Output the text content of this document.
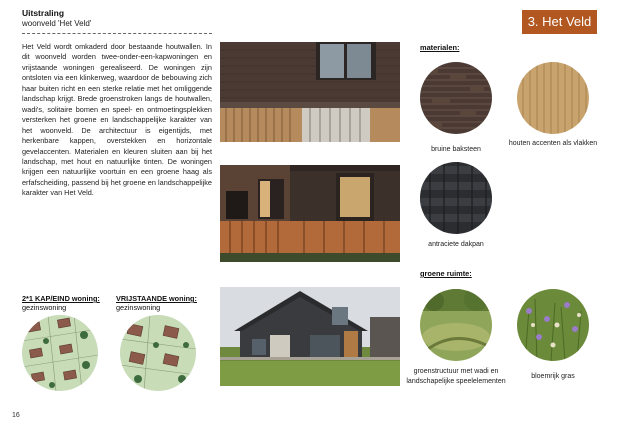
Uitstraling
woonveld 'Het Veld'
Het Veld wordt omkaderd door bestaande houtwallen. In dit woonveld worden twee-onder-een-kapwoningen en vrijstaande woningen gerealiseerd. De woningen zijn ontsloten via een klinkerweg, waardoor de bebouwing zich haar buiten richt en een sterke relatie met het omliggende landschap krijgt. Brede groenstroken langs de houtwallen, wadi's, solitaire bomen en speel- en ontmoetingsplekken versterken het groene en landschappelijke karakter van het woonveld. De architectuur is eigentijds, met herkenbare kappen, overstekken en horizontale gevelaccenten. Materialen en kleuren sluiten aan bij het landschap, met hout en natuurlijke tinten. De woningen krijgen een natuurlijke voortuin en een groene haag als erfafscheiding, passend bij het groene en landschappelijke karakter van Het Veld.
3. Het Veld
materialen:
bruine baksteen
houten accenten als vlakken
antraciete dakpan
groene ruimte:
groenstructuur met wadi en landschapelijke speelelementen
bloemrijk gras
2*1 KAP/EIND woning:
gezinswoning
VRIJSTAANDE woning:
gezinswoning
16
